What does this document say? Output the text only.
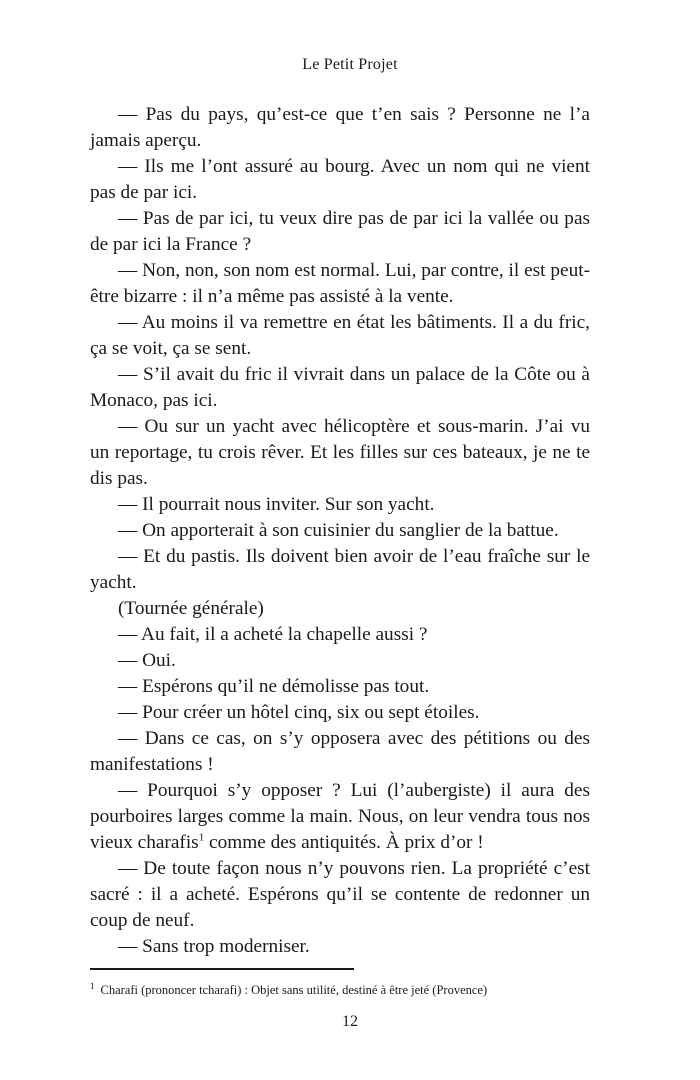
Le Petit Projet

— Pas du pays, qu’est-ce que t’en sais ? Personne ne l’a jamais aperçu.

— Ils me l’ont assuré au bourg. Avec un nom qui ne vient pas de par ici.

— Pas de par ici, tu veux dire pas de par ici la vallée ou pas de par ici la France ?

— Non, non, son nom est normal. Lui, par contre, il est peut-être bizarre : il n’a même pas assisté à la vente.

— Au moins il va remettre en état les bâtiments. Il a du fric, ça se voit, ça se sent.

— S’il avait du fric il vivrait dans un palace de la Côte ou à Monaco, pas ici.

— Ou sur un yacht avec hélicoptère et sous-marin. J’ai vu un reportage, tu crois rêver. Et les filles sur ces bateaux, je ne te dis pas.

— Il pourrait nous inviter. Sur son yacht.

— On apporterait à son cuisinier du sanglier de la battue.

— Et du pastis. Ils doivent bien avoir de l’eau fraîche sur le yacht.

(Tournée générale)

— Au fait, il a acheté la chapelle aussi ?

— Oui.

— Espérons qu’il ne démolisse pas tout.

— Pour créer un hôtel cinq, six ou sept étoiles.

— Dans ce cas, on s’y opposera avec des pétitions ou des manifestations !

— Pourquoi s’y opposer ? Lui (l’aubergiste) il aura des pourboires larges comme la main. Nous, on leur vendra tous nos vieux charafis$^1$ comme des antiquités. À prix d’or !

— De toute façon nous n’y pouvons rien. La propriété c’est sacré : il a acheté. Espérons qu’il se contente de redonner un coup de neuf.

— Sans trop moderniser.

$^1$ Charafi (prononcer tcharafi) : Objet sans utilité, destiné à être jeté (Provence)
12
